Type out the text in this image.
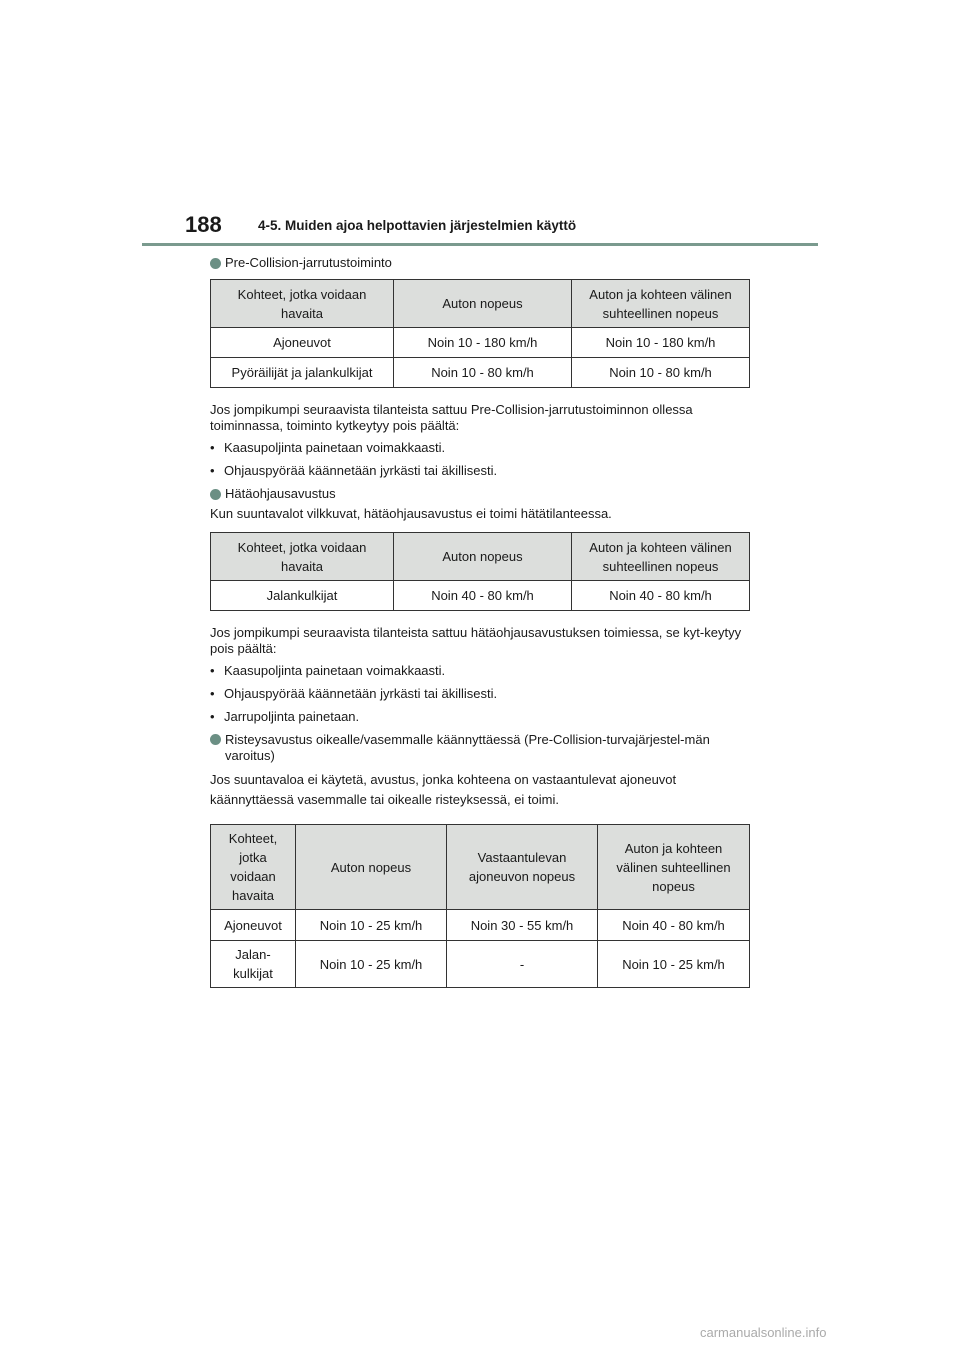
188	4-5. Muiden ajoa helpottavien järjestelmien käyttö
Pre-Collision-jarrutustoiminto
Kohteet, jotka voidaan havaita	Auton nopeus	Auton ja kohteen välinen suhteellinen nopeus
Ajoneuvot	Noin 10 - 180 km/h	Noin 10 - 180 km/h
Pyöräilijät ja jalankulkijat	Noin 10 - 80 km/h	Noin 10 - 80 km/h

Jos jompikumpi seuraavista tilanteista sattuu Pre-Collision-jarrutustoiminnon ollessa toiminnassa, toiminto kytkeytyy pois päältä:

• Kaasupoljinta painetaan voimakkaasti.
• Ohjauspyörää käännetään jyrkästi tai äkillisesti.
Hätäohjausavustus

Kun suuntavalot vilkkuvat, hätäohjausavustus ei toimi hätätilanteessa.

Kohteet, jotka voidaan havaita	Auton nopeus	Auton ja kohteen välinen suhteellinen nopeus
Jalankulkijat	Noin 40 - 80 km/h	Noin 40 - 80 km/h

Jos jompikumpi seuraavista tilanteista sattuu hätäohjausavustuksen toimiessa, se kyt-keytyy pois päältä:

• Kaasupoljinta painetaan voimakkaasti.
• Ohjauspyörää käännetään jyrkästi tai äkillisesti.
• Jarrupoljinta painetaan.
Risteysavustus oikealle/vasemmalle käännyttäessä (Pre-Collision-turvajärjestel-män varoitus)

Jos suuntavaloa ei käytetä, avustus, jonka kohteena on vastaantulevat ajoneuvot käännyttäessä vasemmalle tai oikealle risteyksessä, ei toimi.

Kohteet, jotka voidaan havaita	Auton nopeus	Vastaantulevan ajoneuvon nopeus	Auton ja kohteen välinen suhteellinen nopeus
Ajoneuvot	Noin 10 - 25 km/h	Noin 30 - 55 km/h	Noin 40 - 80 km/h
Jalan-kulkijat	Noin 10 - 25 km/h	-	Noin 10 - 25 km/h
carmanualsonline.info
